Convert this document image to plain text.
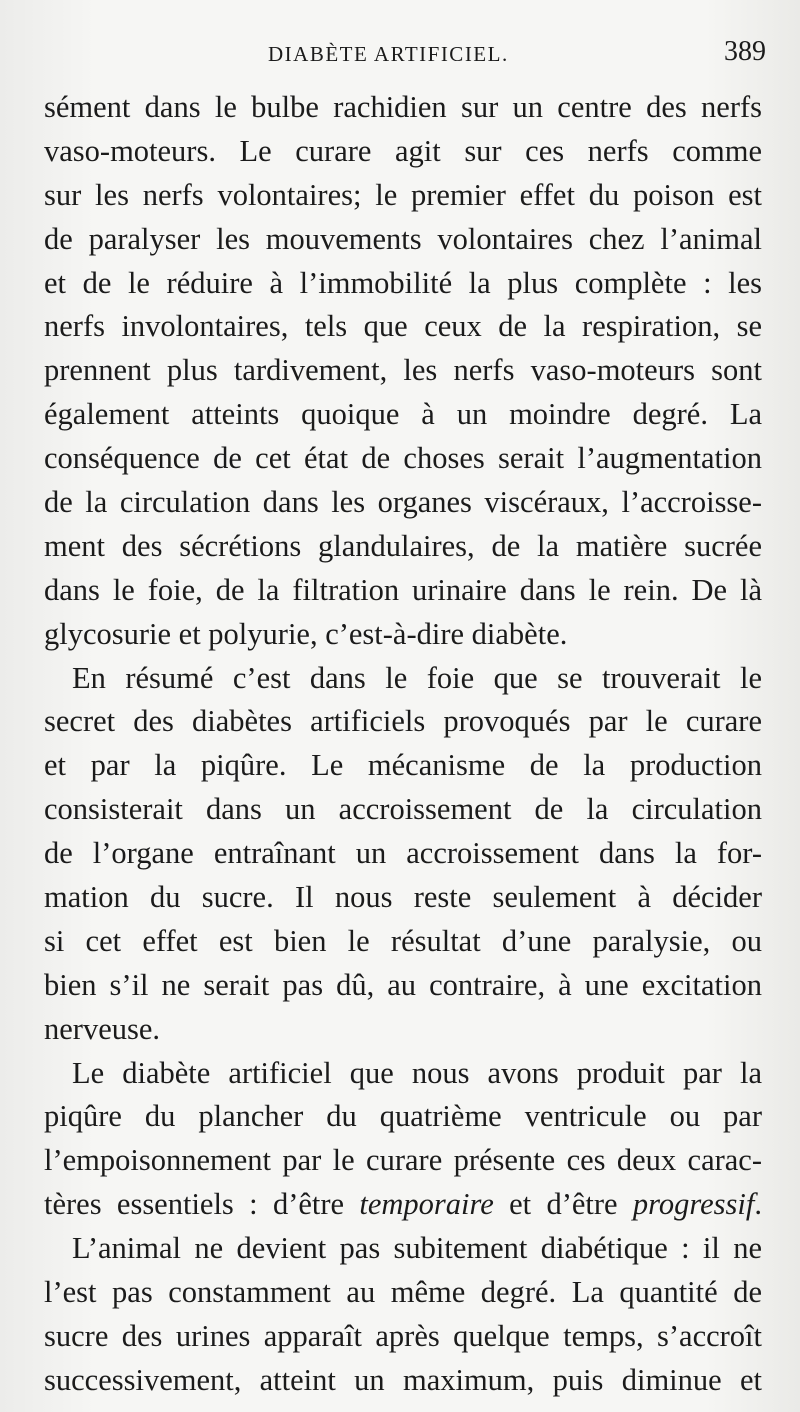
DIABÈTE ARTIFICIEL.	389
sément dans le bulbe rachidien sur un centre des nerfs
vaso-moteurs. Le curare agit sur ces nerfs comme
sur les nerfs volontaires; le premier effet du poison est
de paralyser les mouvements volontaires chez l’animal
et de le réduire à l’immobilité la plus complète : les
nerfs involontaires, tels que ceux de la respiration, se
prennent plus tardivement, les nerfs vaso-moteurs sont
également atteints quoique à un moindre degré. La
conséquence de cet état de choses serait l’augmentation
de la circulation dans les organes viscéraux, l’accroisse-
ment des sécrétions glandulaires, de la matière sucrée
dans le foie, de la filtration urinaire dans le rein. De là
glycosurie et polyurie, c’est-à-dire diabète.
En résumé c’est dans le foie que se trouverait le
secret des diabètes artificiels provoqués par le curare
et par la piqûre. Le mécanisme de la production
consisterait dans un accroissement de la circulation
de l’organe entraînant un accroissement dans la for-
mation du sucre. Il nous reste seulement à décider
si cet effet est bien le résultat d’une paralysie, ou
bien s’il ne serait pas dû, au contraire, à une excitation
nerveuse.
Le diabète artificiel que nous avons produit par la
piqûre du plancher du quatrième ventricule ou par
l’empoisonnement par le curare présente ces deux carac-
tères essentiels : d’être temporaire et d’être progressif.
L’animal ne devient pas subitement diabétique : il ne
l’est pas constamment au même degré. La quantité de
sucre des urines apparaît après quelque temps, s’accroît
successivement, atteint un maximum, puis diminue et
